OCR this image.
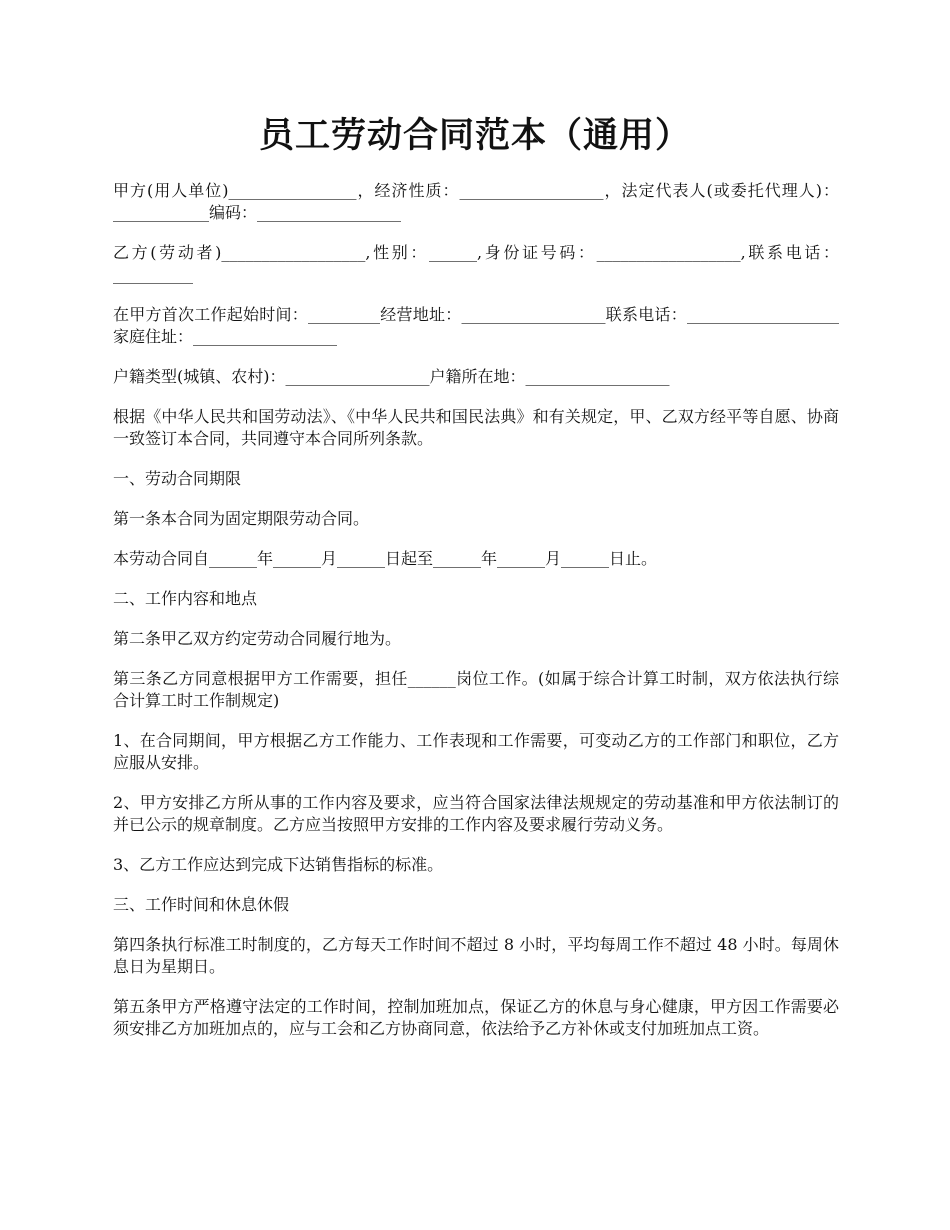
员工劳动合同范本（通用）

甲方(用人单位)________________，经济性质：__________________，法定代表人(或委托代理人)：____________编码：__________________

乙方(劳动者)__________________,性别：______,身份证号码：__________________,联系电话：__________

在甲方首次工作起始时间：_________经营地址：__________________联系电话：___________________家庭住址：__________________

户籍类型(城镇、农村)：__________________户籍所在地：__________________

根据《中华人民共和国劳动法》、《中华人民共和国民法典》和有关规定，甲、乙双方经平等自愿、协商一致签订本合同，共同遵守本合同所列条款。

一、劳动合同期限

第一条本合同为固定期限劳动合同。

本劳动合同自______年______月______日起至______年______月______日止。

二、工作内容和地点

第二条甲乙双方约定劳动合同履行地为。

第三条乙方同意根据甲方工作需要，担任______岗位工作。(如属于综合计算工时制，双方依法执行综合计算工时工作制规定)

1、在合同期间，甲方根据乙方工作能力、工作表现和工作需要，可变动乙方的工作部门和职位，乙方应服从安排。

2、甲方安排乙方所从事的工作内容及要求，应当符合国家法律法规规定的劳动基准和甲方依法制订的并已公示的规章制度。乙方应当按照甲方安排的工作内容及要求履行劳动义务。

3、乙方工作应达到完成下达销售指标的标准。

三、工作时间和休息休假

第四条执行标准工时制度的，乙方每天工作时间不超过 8 小时，平均每周工作不超过 48 小时。每周休息日为星期日。

第五条甲方严格遵守法定的工作时间，控制加班加点，保证乙方的休息与身心健康，甲方因工作需要必须安排乙方加班加点的，应与工会和乙方协商同意，依法给予乙方补休或支付加班加点工资。
